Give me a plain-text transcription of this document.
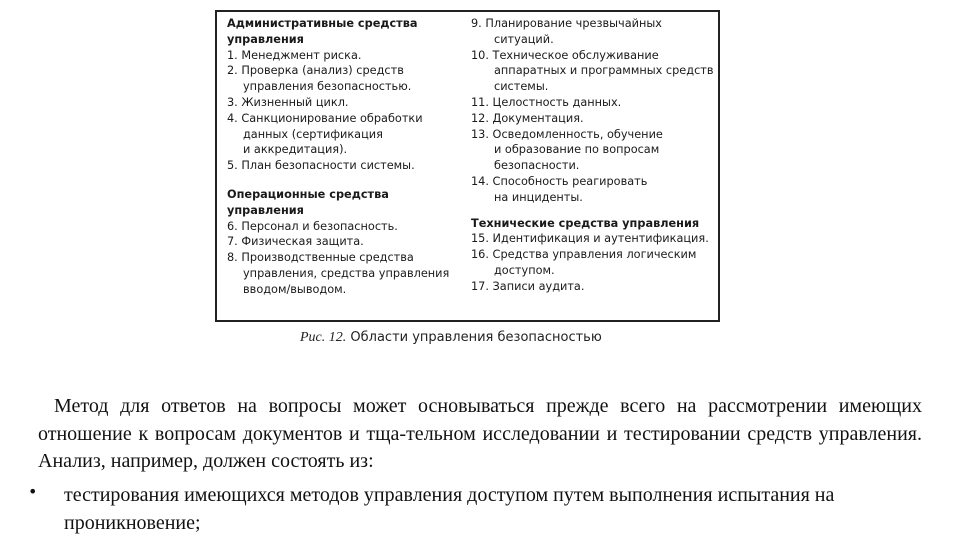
Административные средства
управления
1. Менеджмент риска.
2. Проверка (анализ) средств
управления безопасностью.
3. Жизненный цикл.
4. Санкционирование обработки
данных (сертификация
и аккредитация).
5. План безопасности системы.
Операционные средства
управления
6. Персонал и безопасность.
7. Физическая защита.
8. Производственные средства
управления, средства управления
вводом/выводом.
9. Планирование чрезвычайных
ситуаций.
10. Техническое обслуживание
аппаратных и программных средств
системы.
11. Целостность данных.
12. Документация.
13. Осведомленность, обучение
и образование по вопросам
безопасности.
14. Способность реагировать
на инциденты.
Технические средства управления
15. Идентификация и аутентификация.
16. Средства управления логическим
доступом.
17. Записи аудита.
Рис. 12. Области управления безопасностью
Метод для ответов на вопросы может основываться прежде всего на рассмотрении имеющих отношение к вопросам документов и тща-тельном исследовании и тестировании средств управления. Анализ, например, должен состоять из:
• тестирования имеющихся методов управления доступом путем выполнения испытания на проникновение;
